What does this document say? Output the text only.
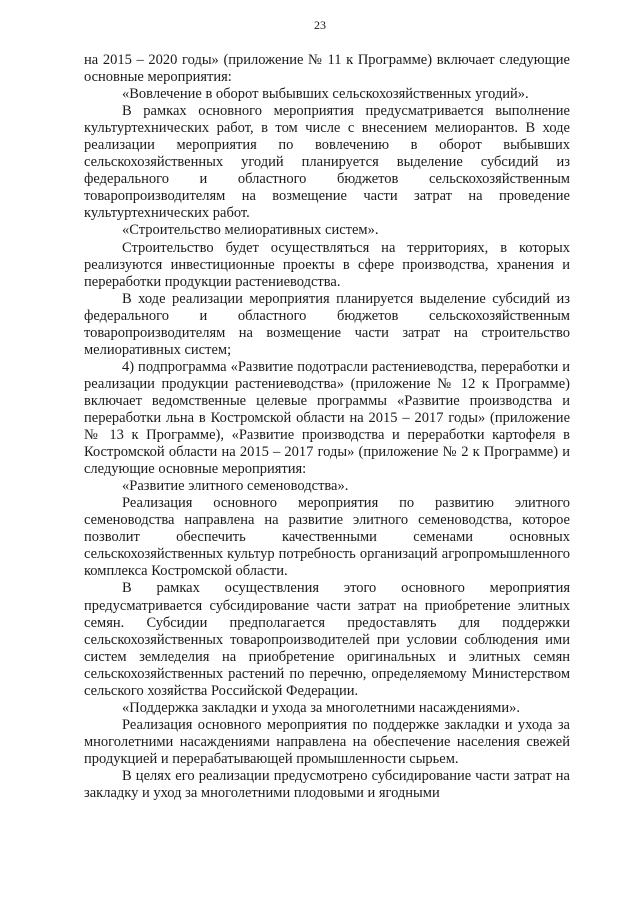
23

на 2015 – 2020 годы» (приложение № 11 к Программе) включает следующие основные мероприятия:

«Вовлечение в оборот выбывших сельскохозяйственных угодий».

В рамках основного мероприятия предусматривается выполнение культуртехнических работ, в том числе с внесением мелиорантов. В ходе реализации мероприятия по вовлечению в оборот выбывших сельскохозяйственных угодий планируется выделение субсидий из федерального и областного бюджетов сельскохозяйственным товаропроизводителям на возмещение части затрат на проведение культуртехнических работ.

«Строительство мелиоративных систем».

Строительство будет осуществляться на территориях, в которых реализуются инвестиционные проекты в сфере производства, хранения и переработки продукции растениеводства.

В ходе реализации мероприятия планируется выделение субсидий из федерального и областного бюджетов сельскохозяйственным товаропроизводителям на возмещение части затрат на строительство мелиоративных систем;

4) подпрограмма «Развитие подотрасли растениеводства, переработки и реализации продукции растениеводства» (приложение № 12 к Программе) включает ведомственные целевые программы «Развитие производства и переработки льна в Костромской области на 2015 – 2017 годы» (приложение № 13 к Программе), «Развитие производства и переработки картофеля в Костромской области на 2015 – 2017 годы» (приложение № 2 к Программе) и следующие основные мероприятия:

«Развитие элитного семеноводства».

Реализация основного мероприятия по развитию элитного семеноводства направлена на развитие элитного семеноводства, которое позволит обеспечить качественными семенами основных сельскохозяйственных культур потребность организаций агропромышленного комплекса Костромской области.

В рамках осуществления этого основного мероприятия предусматривается субсидирование части затрат на приобретение элитных семян. Субсидии предполагается предоставлять для поддержки сельскохозяйственных товаропроизводителей при условии соблюдения ими систем земледелия на приобретение оригинальных и элитных семян сельскохозяйственных растений по перечню, определяемому Министерством сельского хозяйства Российской Федерации.

«Поддержка закладки и ухода за многолетними насаждениями».

Реализация основного мероприятия по поддержке закладки и ухода за многолетними насаждениями направлена на обеспечение населения свежей продукцией и перерабатывающей промышленности сырьем.

В целях его реализации предусмотрено субсидирование части затрат на закладку и уход за многолетними плодовыми и ягодными
